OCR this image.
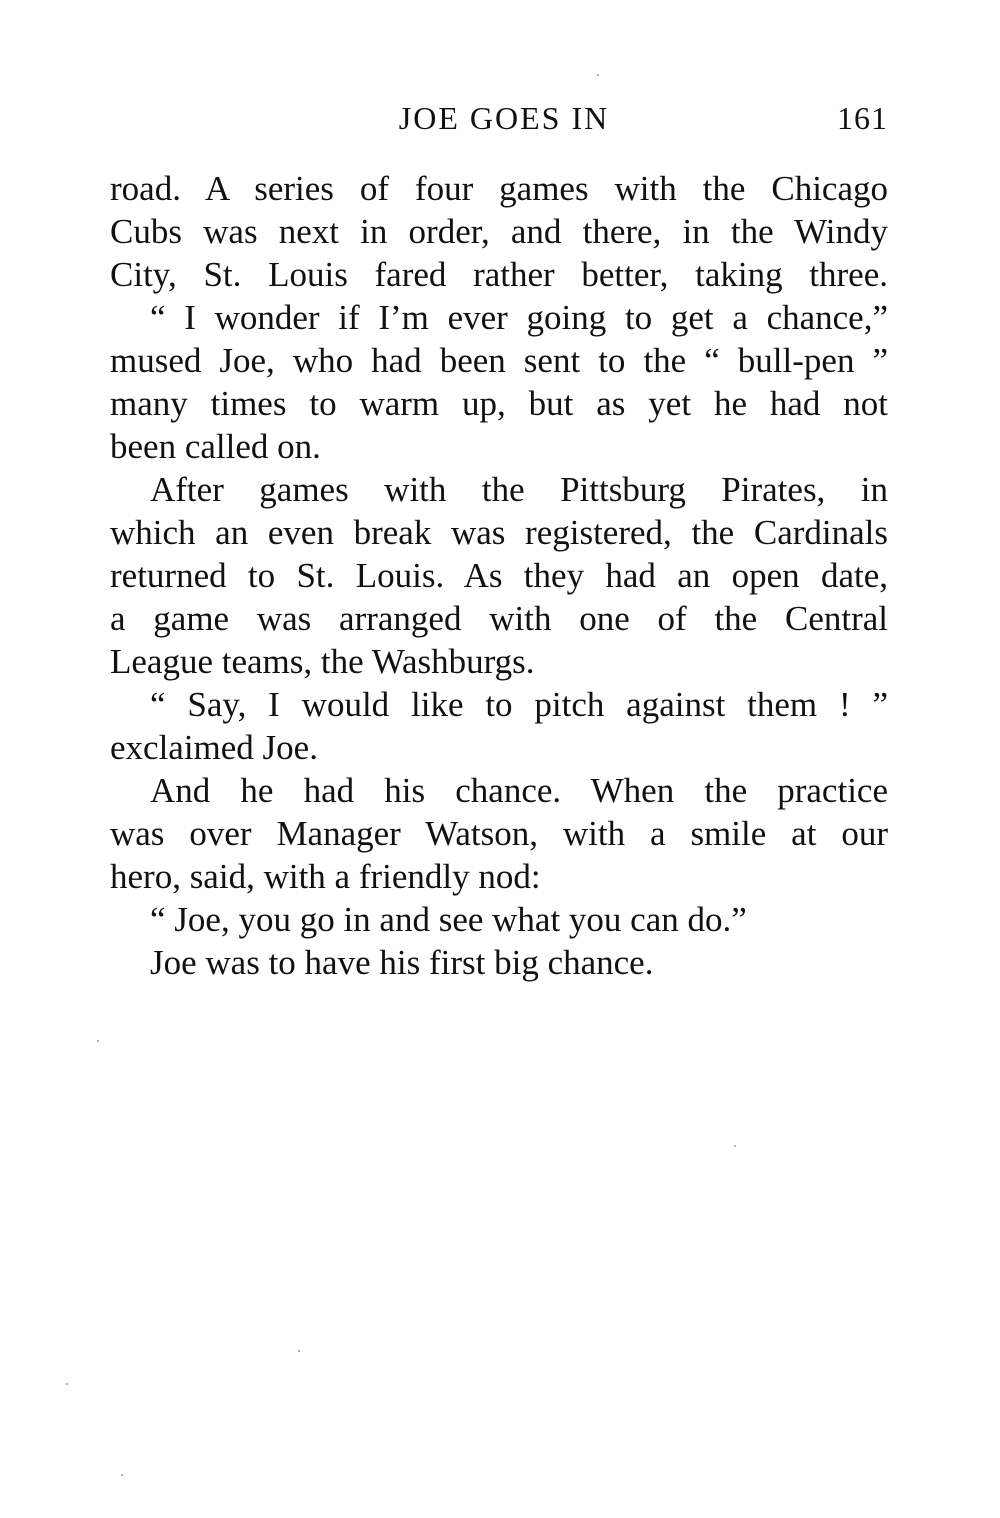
JOE GOES IN	161
road. A series of four games with the Chicago
Cubs was next in order, and there, in the Windy
City, St. Louis fared rather better, taking three.
“ I wonder if I’m ever going to get a chance,”
mused Joe, who had been sent to the “ bull-pen ”
many times to warm up, but as yet he had not
been called on.
After games with the Pittsburg Pirates, in
which an even break was registered, the Cardinals
returned to St. Louis. As they had an open date,
a game was arranged with one of the Central
League teams, the Washburgs.
“ Say, I would like to pitch against them ! ”
exclaimed Joe.
And he had his chance. When the practice
was over Manager Watson, with a smile at our
hero, said, with a friendly nod:
“ Joe, you go in and see what you can do.”
Joe was to have his first big chance.
